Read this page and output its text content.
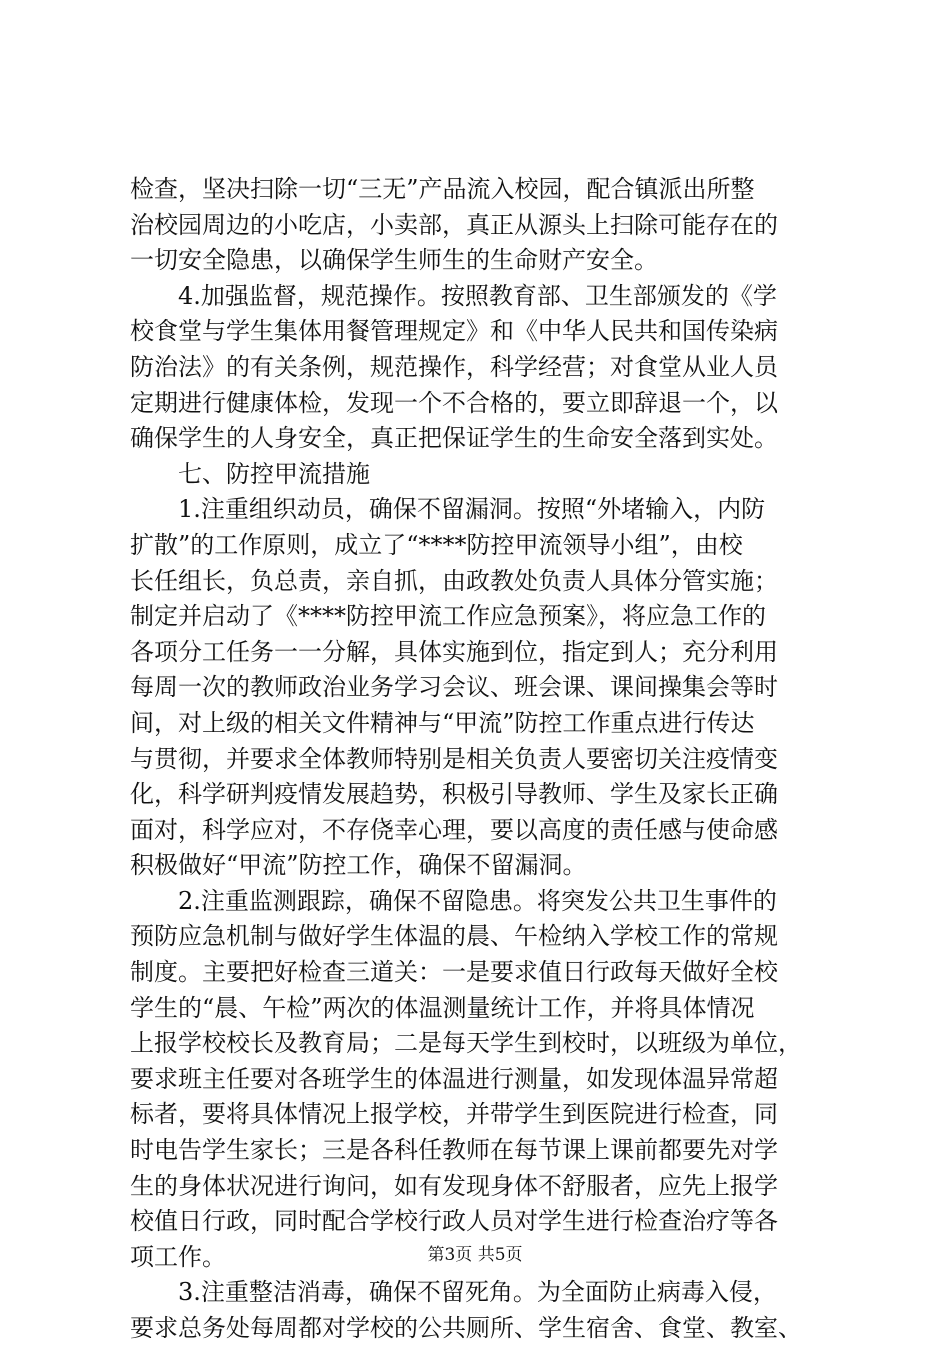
检查，坚决扫除一切“三无”产品流入校园，配合镇派出所整
治校园周边的小吃店，小卖部，真正从源头上扫除可能存在的
一切安全隐患，以确保学生师生的生命财产安全。
4.加强监督，规范操作。按照教育部、卫生部颁发的《学
校食堂与学生集体用餐管理规定》和《中华人民共和国传染病
防治法》的有关条例，规范操作，科学经营；对食堂从业人员
定期进行健康体检，发现一个不合格的，要立即辞退一个，以
确保学生的人身安全，真正把保证学生的生命安全落到实处。
七、防控甲流措施
1.注重组织动员，确保不留漏洞。按照“外堵输入，内防
扩散”的工作原则，成立了“****防控甲流领导小组”，由校
长任组长，负总责，亲自抓，由政教处负责人具体分管实施；
制定并启动了《****防控甲流工作应急预案》，将应急工作的
各项分工任务一一分解，具体实施到位，指定到人；充分利用
每周一次的教师政治业务学习会议、班会课、课间操集会等时
间，对上级的相关文件精神与“甲流”防控工作重点进行传达
与贯彻，并要求全体教师特别是相关负责人要密切关注疫情变
化，科学研判疫情发展趋势，积极引导教师、学生及家长正确
面对，科学应对，不存侥幸心理，要以高度的责任感与使命感
积极做好“甲流”防控工作，确保不留漏洞。
2.注重监测跟踪，确保不留隐患。将突发公共卫生事件的
预防应急机制与做好学生体温的晨、午检纳入学校工作的常规
制度。主要把好检查三道关：一是要求值日行政每天做好全校
学生的“晨、午检”两次的体温测量统计工作，并将具体情况
上报学校校长及教育局；二是每天学生到校时，以班级为单位，
要求班主任要对各班学生的体温进行测量，如发现体温异常超
标者，要将具体情况上报学校，并带学生到医院进行检查，同
时电告学生家长；三是各科任教师在每节课上课前都要先对学
生的身体状况进行询问，如有发现身体不舒服者，应先上报学
校值日行政，同时配合学校行政人员对学生进行检查治疗等各
项工作。
3.注重整洁消毒，确保不留死角。为全面防止病毒入侵，
要求总务处每周都对学校的公共厕所、学生宿舍、食堂、教室、
第3页 共5页
